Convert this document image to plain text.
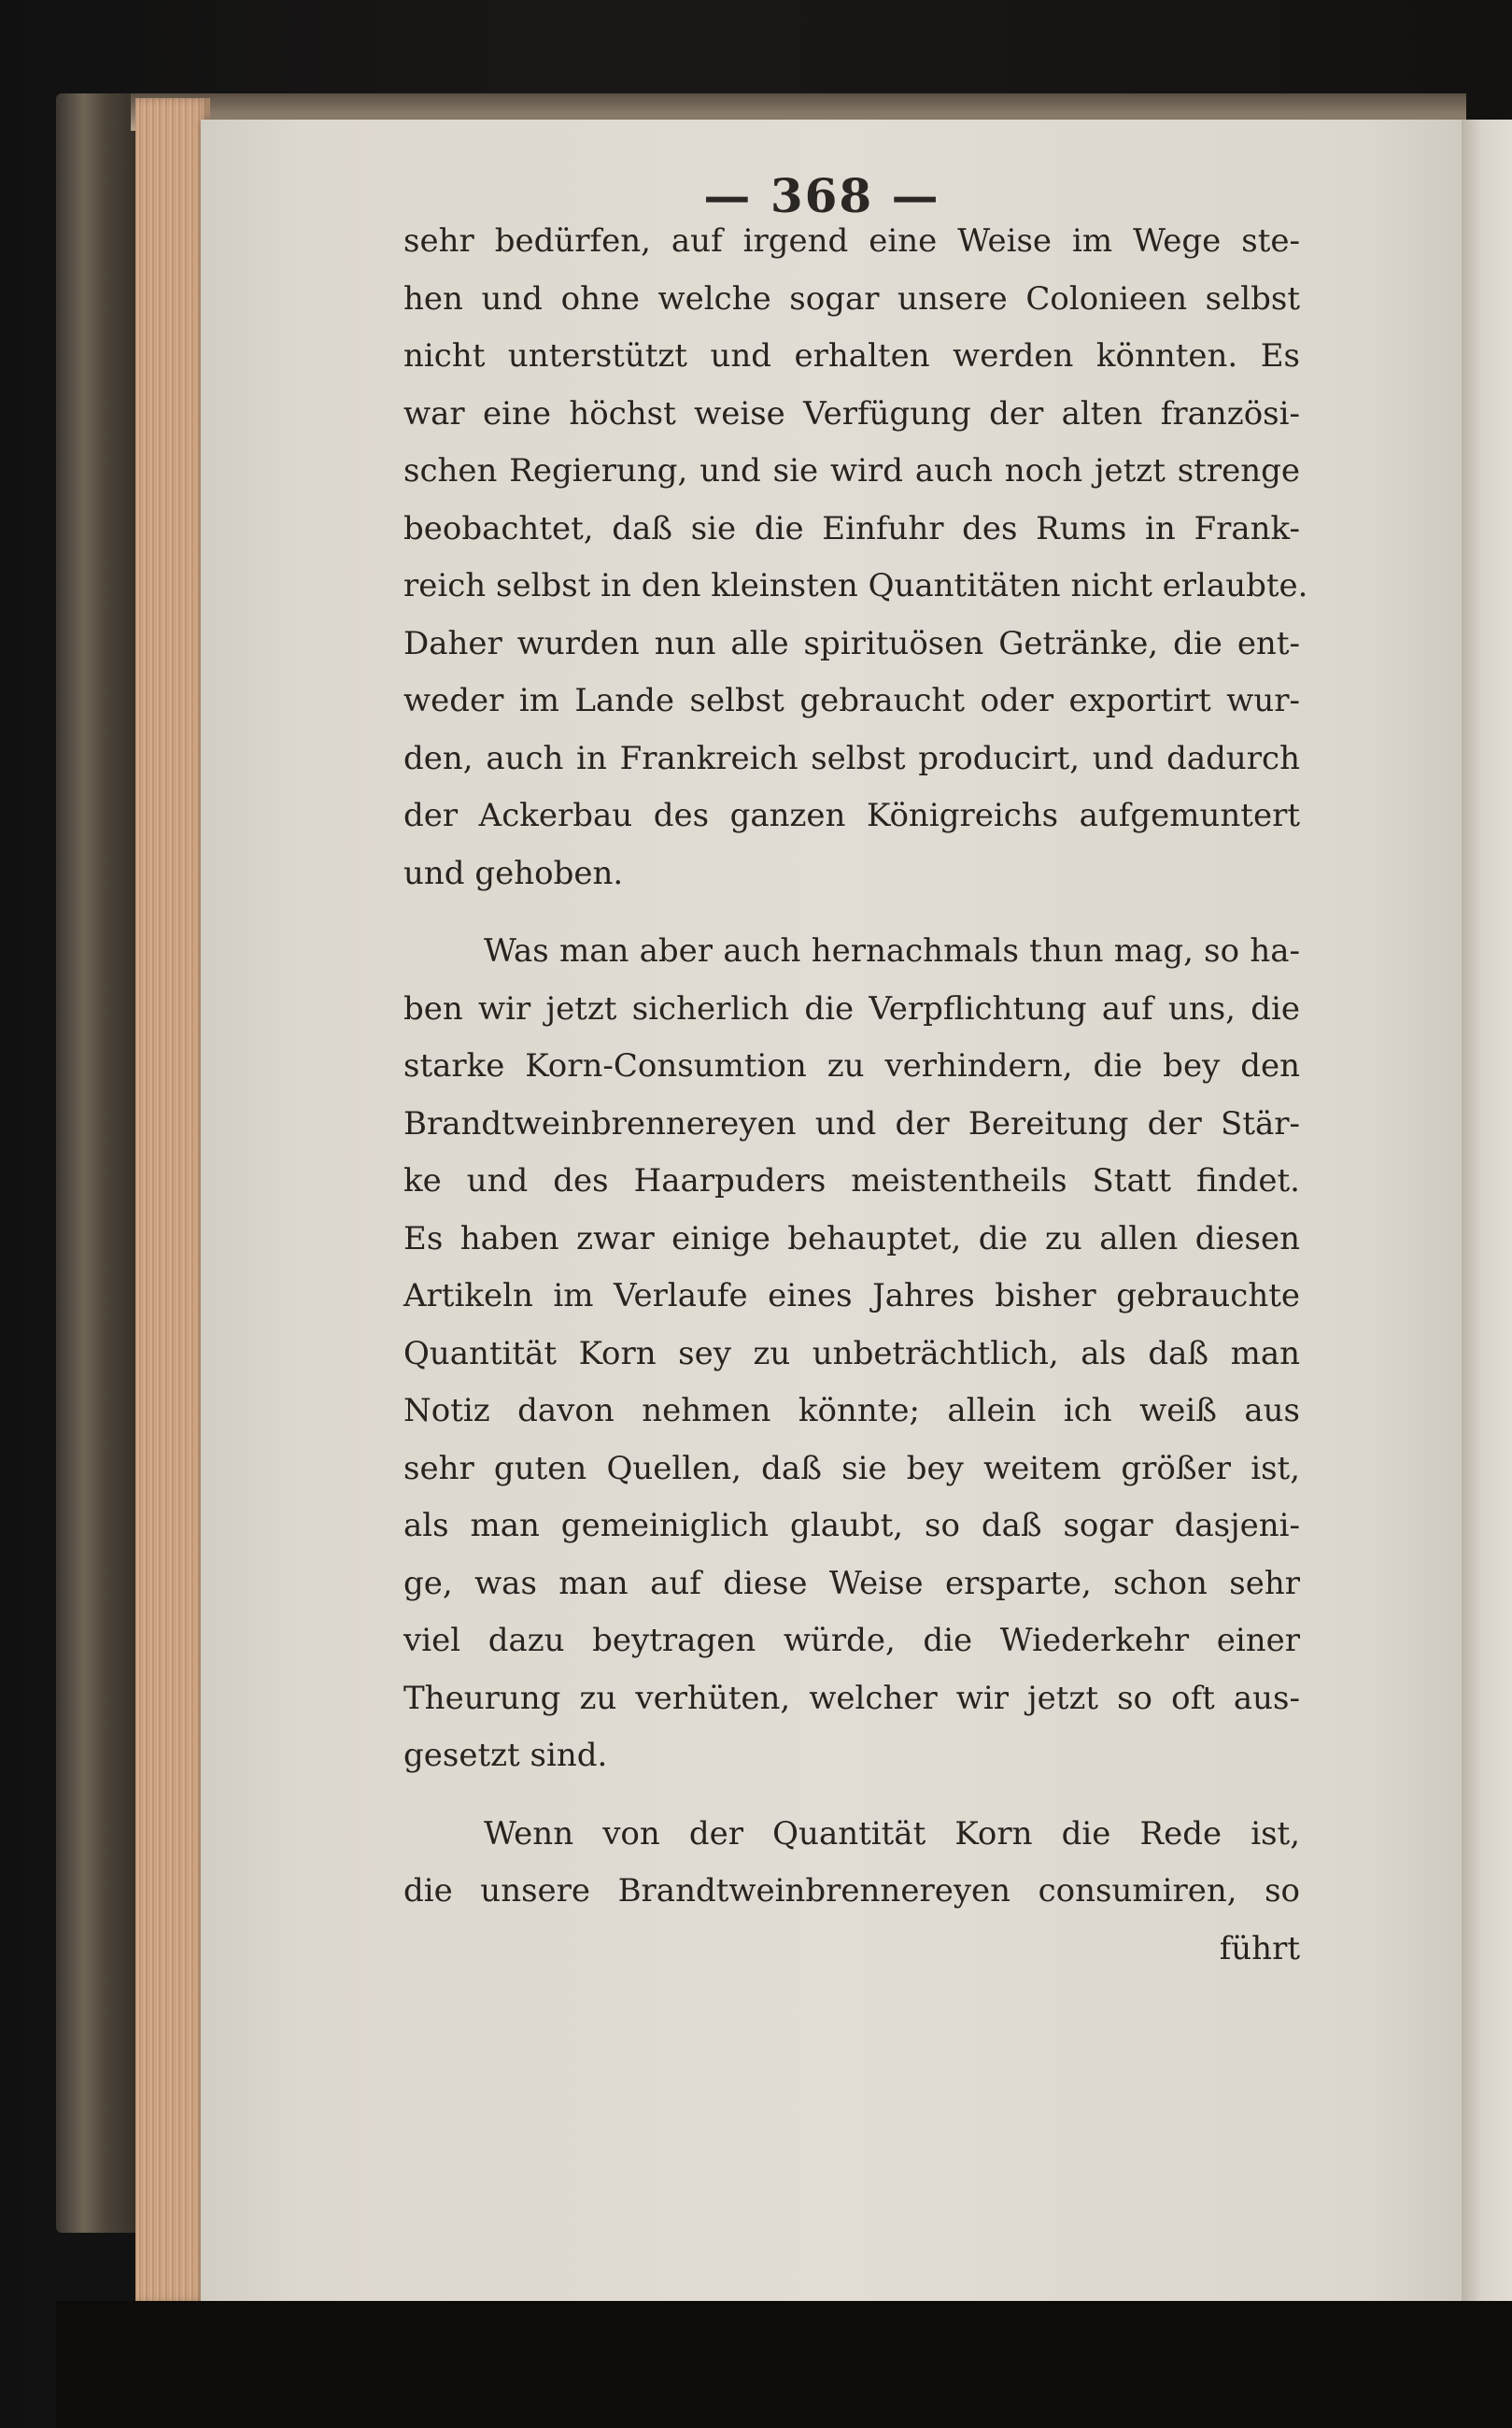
— 368 —

sehr bedürfen, auf irgend eine Weise im Wege ste-
hen und ohne welche sogar unsere Colonieen selbst
nicht unterstützt und erhalten werden könnten. Es
war eine höchst weise Verfügung der alten französi-
schen Regierung, und sie wird auch noch jetzt strenge
beobachtet, daß sie die Einfuhr des Rums in Frank-
reich selbst in den kleinsten Quantitäten nicht erlaubte.
Daher wurden nun alle spirituösen Getränke, die ent-
weder im Lande selbst gebraucht oder exportirt wur-
den, auch in Frankreich selbst producirt, und dadurch
der Ackerbau des ganzen Königreichs aufgemuntert
und gehoben.

Was man aber auch hernachmals thun mag, so ha-
ben wir jetzt sicherlich die Verpflichtung auf uns, die
starke Korn-Consumtion zu verhindern, die bey den
Brandtweinbrennereyen und der Bereitung der Stär-
ke und des Haarpuders meistentheils Statt findet.
Es haben zwar einige behauptet, die zu allen diesen
Artikeln im Verlaufe eines Jahres bisher gebrauchte
Quantität Korn sey zu unbeträchtlich, als daß man
Notiz davon nehmen könnte; allein ich weiß aus
sehr guten Quellen, daß sie bey weitem größer ist,
als man gemeiniglich glaubt, so daß sogar dasjeni-
ge, was man auf diese Weise ersparte, schon sehr
viel dazu beytragen würde, die Wiederkehr einer
Theurung zu verhüten, welcher wir jetzt so oft aus-
gesetzt sind.

Wenn von der Quantität Korn die Rede ist,
die unsere Brandtweinbrennereyen consumiren, so

führt
